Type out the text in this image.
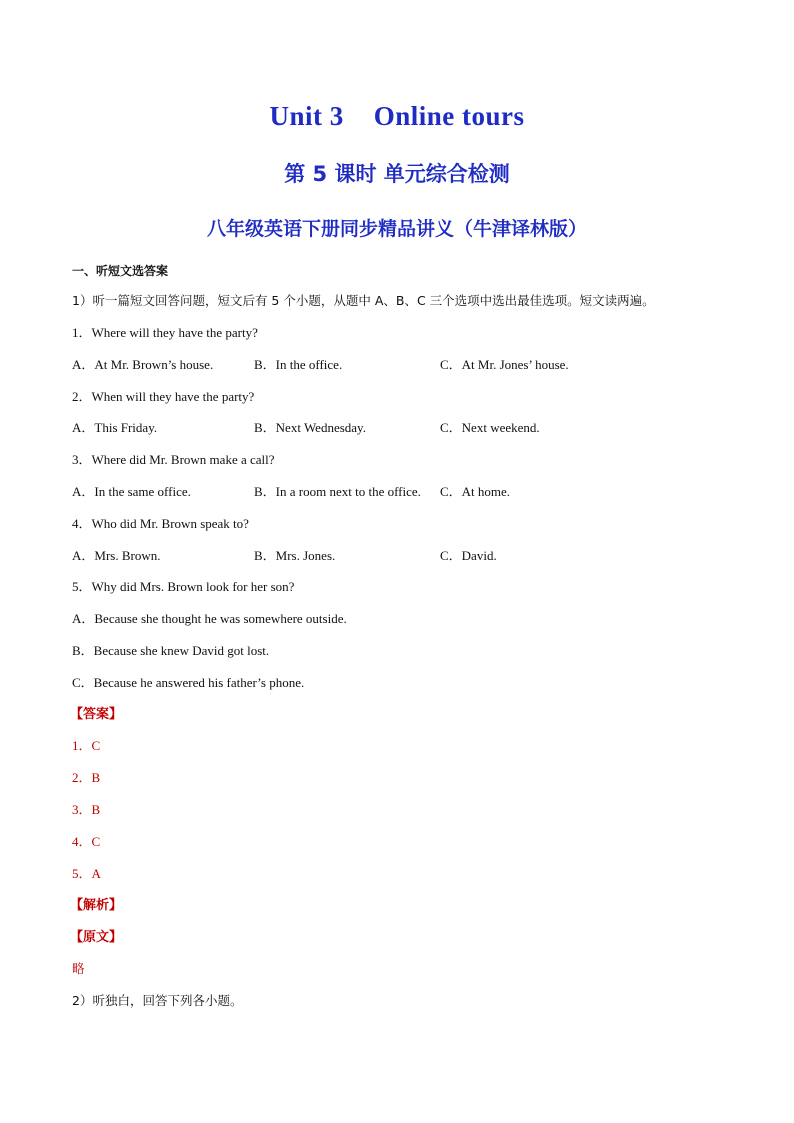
Unit 3 Online tours
第 5 课时 单元综合检测
八年级英语下册同步精品讲义（牛津译林版）
一、听短文选答案
1）听一篇短文回答问题，短文后有 5 个小题，从题中 A、B、C 三个选项中选出最佳选项。短文读两遍。
1．Where will they have the party?
A．At Mr. Brown’s house.	B．In the office.	C．At Mr. Jones’ house.
2．When will they have the party?
A．This Friday.	B．Next Wednesday.	C．Next weekend.
3．Where did Mr. Brown make a call?
A．In the same office.	B．In a room next to the office. C．At home.
4．Who did Mr. Brown speak to?
A．Mrs. Brown.	B．Mrs. Jones.	C．David.
5．Why did Mrs. Brown look for her son?
A．Because she thought he was somewhere outside.
B．Because she knew David got lost.
C．Because he answered his father’s phone.
【答案】
1．C
2．B
3．B
4．C
5．A
【解析】
【原文】
略
2）听独白，回答下列各小题。
